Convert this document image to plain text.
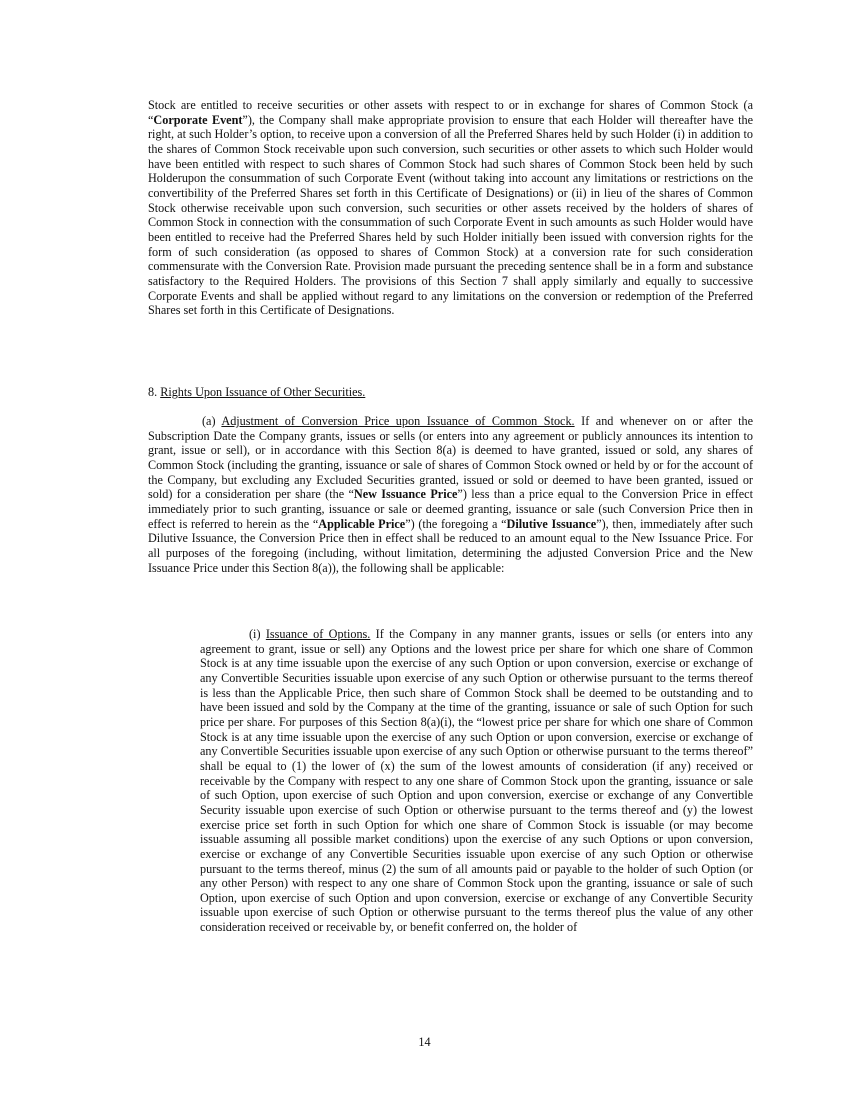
Stock are entitled to receive securities or other assets with respect to or in exchange for shares of Common Stock (a “Corporate Event”), the Company shall make appropriate provision to ensure that each Holder will thereafter have the right, at such Holder’s option, to receive upon a conversion of all the Preferred Shares held by such Holder (i) in addition to the shares of Common Stock receivable upon such conversion, such securities or other assets to which such Holder would have been entitled with respect to such shares of Common Stock had such shares of Common Stock been held by such Holderupon the consummation of such Corporate Event (without taking into account any limitations or restrictions on the convertibility of the Preferred Shares set forth in this Certificate of Designations) or (ii) in lieu of the shares of Common Stock otherwise receivable upon such conversion, such securities or other assets received by the holders of shares of Common Stock in connection with the consummation of such Corporate Event in such amounts as such Holder would have been entitled to receive had the Preferred Shares held by such Holder initially been issued with conversion rights for the form of such consideration (as opposed to shares of Common Stock) at a conversion rate for such consideration commensurate with the Conversion Rate. Provision made pursuant the preceding sentence shall be in a form and substance satisfactory to the Required Holders. The provisions of this Section 7 shall apply similarly and equally to successive Corporate Events and shall be applied without regard to any limitations on the conversion or redemption of the Preferred Shares set forth in this Certificate of Designations.

8. Rights Upon Issuance of Other Securities.

(a) Adjustment of Conversion Price upon Issuance of Common Stock. If and whenever on or after the Subscription Date the Company grants, issues or sells (or enters into any agreement or publicly announces its intention to grant, issue or sell), or in accordance with this Section 8(a) is deemed to have granted, issued or sold, any shares of Common Stock (including the granting, issuance or sale of shares of Common Stock owned or held by or for the account of the Company, but excluding any Excluded Securities granted, issued or sold or deemed to have been granted, issued or sold) for a consideration per share (the “New Issuance Price”) less than a price equal to the Conversion Price in effect immediately prior to such granting, issuance or sale or deemed granting, issuance or sale (such Conversion Price then in effect is referred to herein as the “Applicable Price”) (the foregoing a “Dilutive Issuance”), then, immediately after such Dilutive Issuance, the Conversion Price then in effect shall be reduced to an amount equal to the New Issuance Price. For all purposes of the foregoing (including, without limitation, determining the adjusted Conversion Price and the New Issuance Price under this Section 8(a)), the following shall be applicable:

(i) Issuance of Options. If the Company in any manner grants, issues or sells (or enters into any agreement to grant, issue or sell) any Options and the lowest price per share for which one share of Common Stock is at any time issuable upon the exercise of any such Option or upon conversion, exercise or exchange of any Convertible Securities issuable upon exercise of any such Option or otherwise pursuant to the terms thereof is less than the Applicable Price, then such share of Common Stock shall be deemed to be outstanding and to have been issued and sold by the Company at the time of the granting, issuance or sale of such Option for such price per share. For purposes of this Section 8(a)(i), the “lowest price per share for which one share of Common Stock is at any time issuable upon the exercise of any such Option or upon conversion, exercise or exchange of any Convertible Securities issuable upon exercise of any such Option or otherwise pursuant to the terms thereof” shall be equal to (1) the lower of (x) the sum of the lowest amounts of consideration (if any) received or receivable by the Company with respect to any one share of Common Stock upon the granting, issuance or sale of such Option, upon exercise of such Option and upon conversion, exercise or exchange of any Convertible Security issuable upon exercise of such Option or otherwise pursuant to the terms thereof and (y) the lowest exercise price set forth in such Option for which one share of Common Stock is issuable (or may become issuable assuming all possible market conditions) upon the exercise of any such Options or upon conversion, exercise or exchange of any Convertible Securities issuable upon exercise of any such Option or otherwise pursuant to the terms thereof, minus (2) the sum of all amounts paid or payable to the holder of such Option (or any other Person) with respect to any one share of Common Stock upon the granting, issuance or sale of such Option, upon exercise of such Option and upon conversion, exercise or exchange of any Convertible Security issuable upon exercise of such Option or otherwise pursuant to the terms thereof plus the value of any other consideration received or receivable by, or benefit conferred on, the holder of

14
